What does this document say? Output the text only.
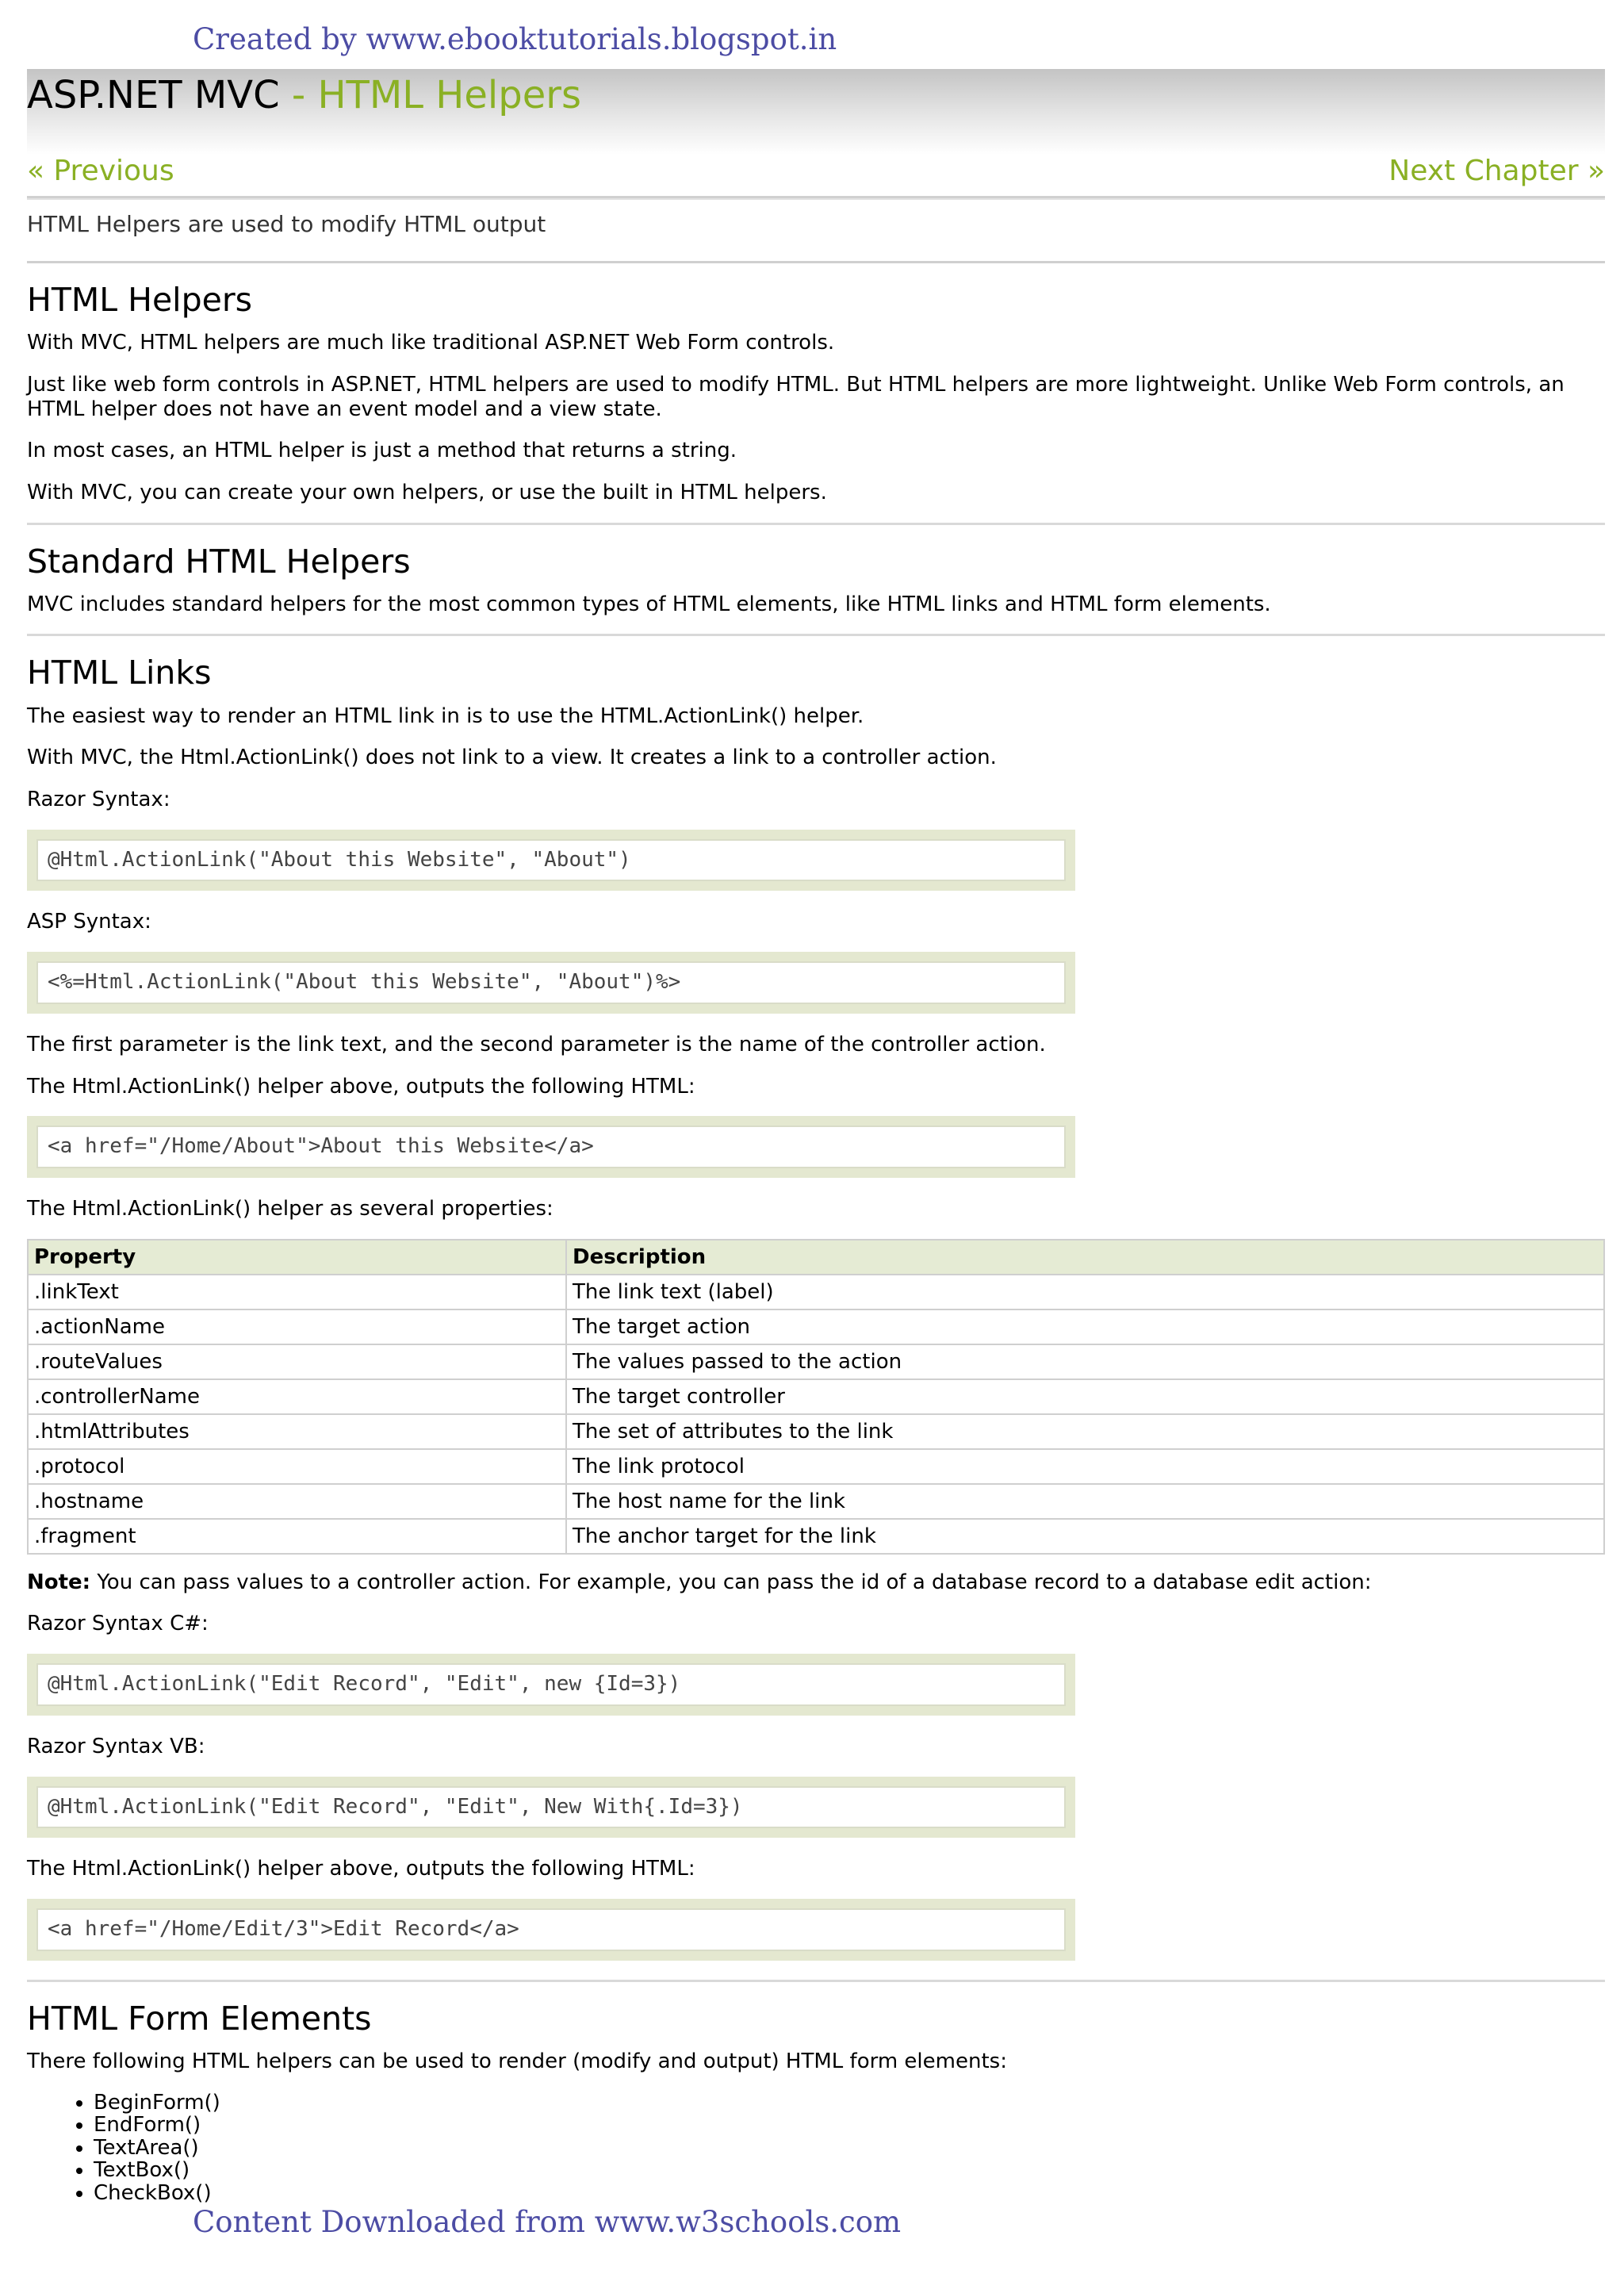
Created by www.ebooktutorials.blogspot.in
ASP.NET MVC - HTML Helpers
« Previous	Next Chapter »

HTML Helpers are used to modify HTML output

HTML Helpers

With MVC, HTML helpers are much like traditional ASP.NET Web Form controls.

Just like web form controls in ASP.NET, HTML helpers are used to modify HTML. But HTML helpers are more lightweight. Unlike Web Form controls, an HTML helper does not have an event model and a view state.

In most cases, an HTML helper is just a method that returns a string.

With MVC, you can create your own helpers, or use the built in HTML helpers.

Standard HTML Helpers

MVC includes standard helpers for the most common types of HTML elements, like HTML links and HTML form elements.

HTML Links

The easiest way to render an HTML link in is to use the HTML.ActionLink() helper.

With MVC, the Html.ActionLink() does not link to a view. It creates a link to a controller action.

Razor Syntax:

@Html.ActionLink("About this Website", "About")

ASP Syntax:

<%=Html.ActionLink("About this Website", "About")%>

The first parameter is the link text, and the second parameter is the name of the controller action.

The Html.ActionLink() helper above, outputs the following HTML:

<a href="/Home/About">About this Website</a>

The Html.ActionLink() helper as several properties:

Property	Description
.linkText	The link text (label)
.actionName	The target action
.routeValues	The values passed to the action
.controllerName	The target controller
.htmlAttributes	The set of attributes to the link
.protocol	The link protocol
.hostname	The host name for the link
.fragment	The anchor target for the link

Note: You can pass values to a controller action. For example, you can pass the id of a database record to a database edit action:

Razor Syntax C#:

@Html.ActionLink("Edit Record", "Edit", new {Id=3})

Razor Syntax VB:

@Html.ActionLink("Edit Record", "Edit", New With{.Id=3})

The Html.ActionLink() helper above, outputs the following HTML:

<a href="/Home/Edit/3">Edit Record</a>
HTML Form Elements

There following HTML helpers can be used to render (modify and output) HTML form elements:

• BeginForm()
• EndForm()
• TextArea()
• TextBox()
• CheckBox()
Content Downloaded from www.w3schools.com
